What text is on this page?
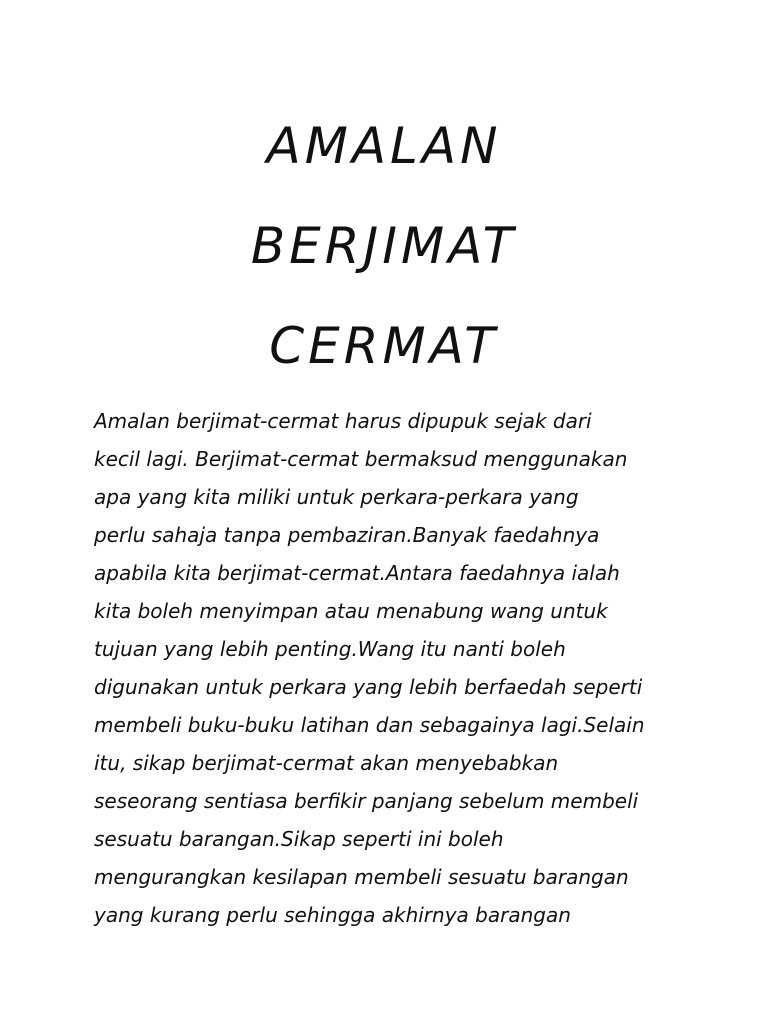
AMALAN
BERJIMAT
CERMAT
Amalan berjimat-cermat harus dipupuk sejak dari
kecil lagi. Berjimat-cermat bermaksud menggunakan
apa yang kita miliki untuk perkara-perkara yang
perlu sahaja tanpa pembaziran.Banyak faedahnya
apabila kita berjimat-cermat.Antara faedahnya ialah
kita boleh menyimpan atau menabung wang untuk
tujuan yang lebih penting.Wang itu nanti boleh
digunakan untuk perkara yang lebih berfaedah seperti
membeli buku-buku latihan dan sebagainya lagi.Selain
itu, sikap berjimat-cermat akan menyebabkan
seseorang sentiasa berfikir panjang sebelum membeli
sesuatu barangan.Sikap seperti ini boleh
mengurangkan kesilapan membeli sesuatu barangan
yang kurang perlu sehingga akhirnya barangan
